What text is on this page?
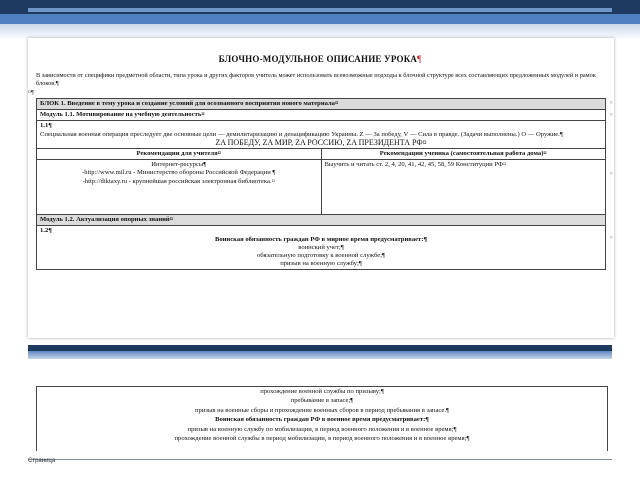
БЛОЧНО-МОДУЛЬНОЕ ОПИСАНИЕ УРОКА¶
В зависимости от специфики предметной области, типа урока и других факторов учитель может использовать всевозможные подходы к блочной структуре всех составляющих предложенных модулей и рамок блоков.¶
¤¶
БЛОК 1. Введение в тему урока и создание условий для осознанного восприятия нового материала¤	
Модуль 1.1. Мотивирование на учебную деятельность¤	

1.1¶
Специальная военная операция преследует две основные цели — демилитаризацию и денацификацию Украины. Z — За победу, V — Сила в правде. (Задачи выполнены.) О — Оружие.¶
ZA ПОБЕДУ, ZA МИР, ZA РОССИЮ, ZA ПРЕЗИДЕНТА РФ¤	

Рекомендации для учителя¤	Рекомендации ученика (самостоятельная работа дома)¤

Интернет-ресурсы¶
-http://www.mil.ru - Министерство обороны Российской Федерации ¶
-http://diktaxy.ru - крупнейшая российская электронная библиотека.¤	Выучить и читать ст. 2, 4, 20, 41, 42, 45, 58, 59 Конституции РФ¤
Модуль 1.2. Актуализация опорных знаний¤	

1.2¶
Воинская обязанность граждан РФ в мирное время предусматривает:¶
воинский учет;¶
обязательную подготовку к военной службе;¶
призыв на военную службу;¶	
¤
¤
¤
¤
прохождение военной службы по призыву;¶
пребывание в запасе;¶
призыв на военные сборы и прохождение военных сборов в период пребывания в запасе.¶
Воинская обязанность граждан РФ в военное время предусматривает:¶
призыв на военную службу по мобилизации, в период военного положения и в военное время;¶
прохождение военной службы в период мобилизации, в период военного положения и в военное время;¶
Страница
